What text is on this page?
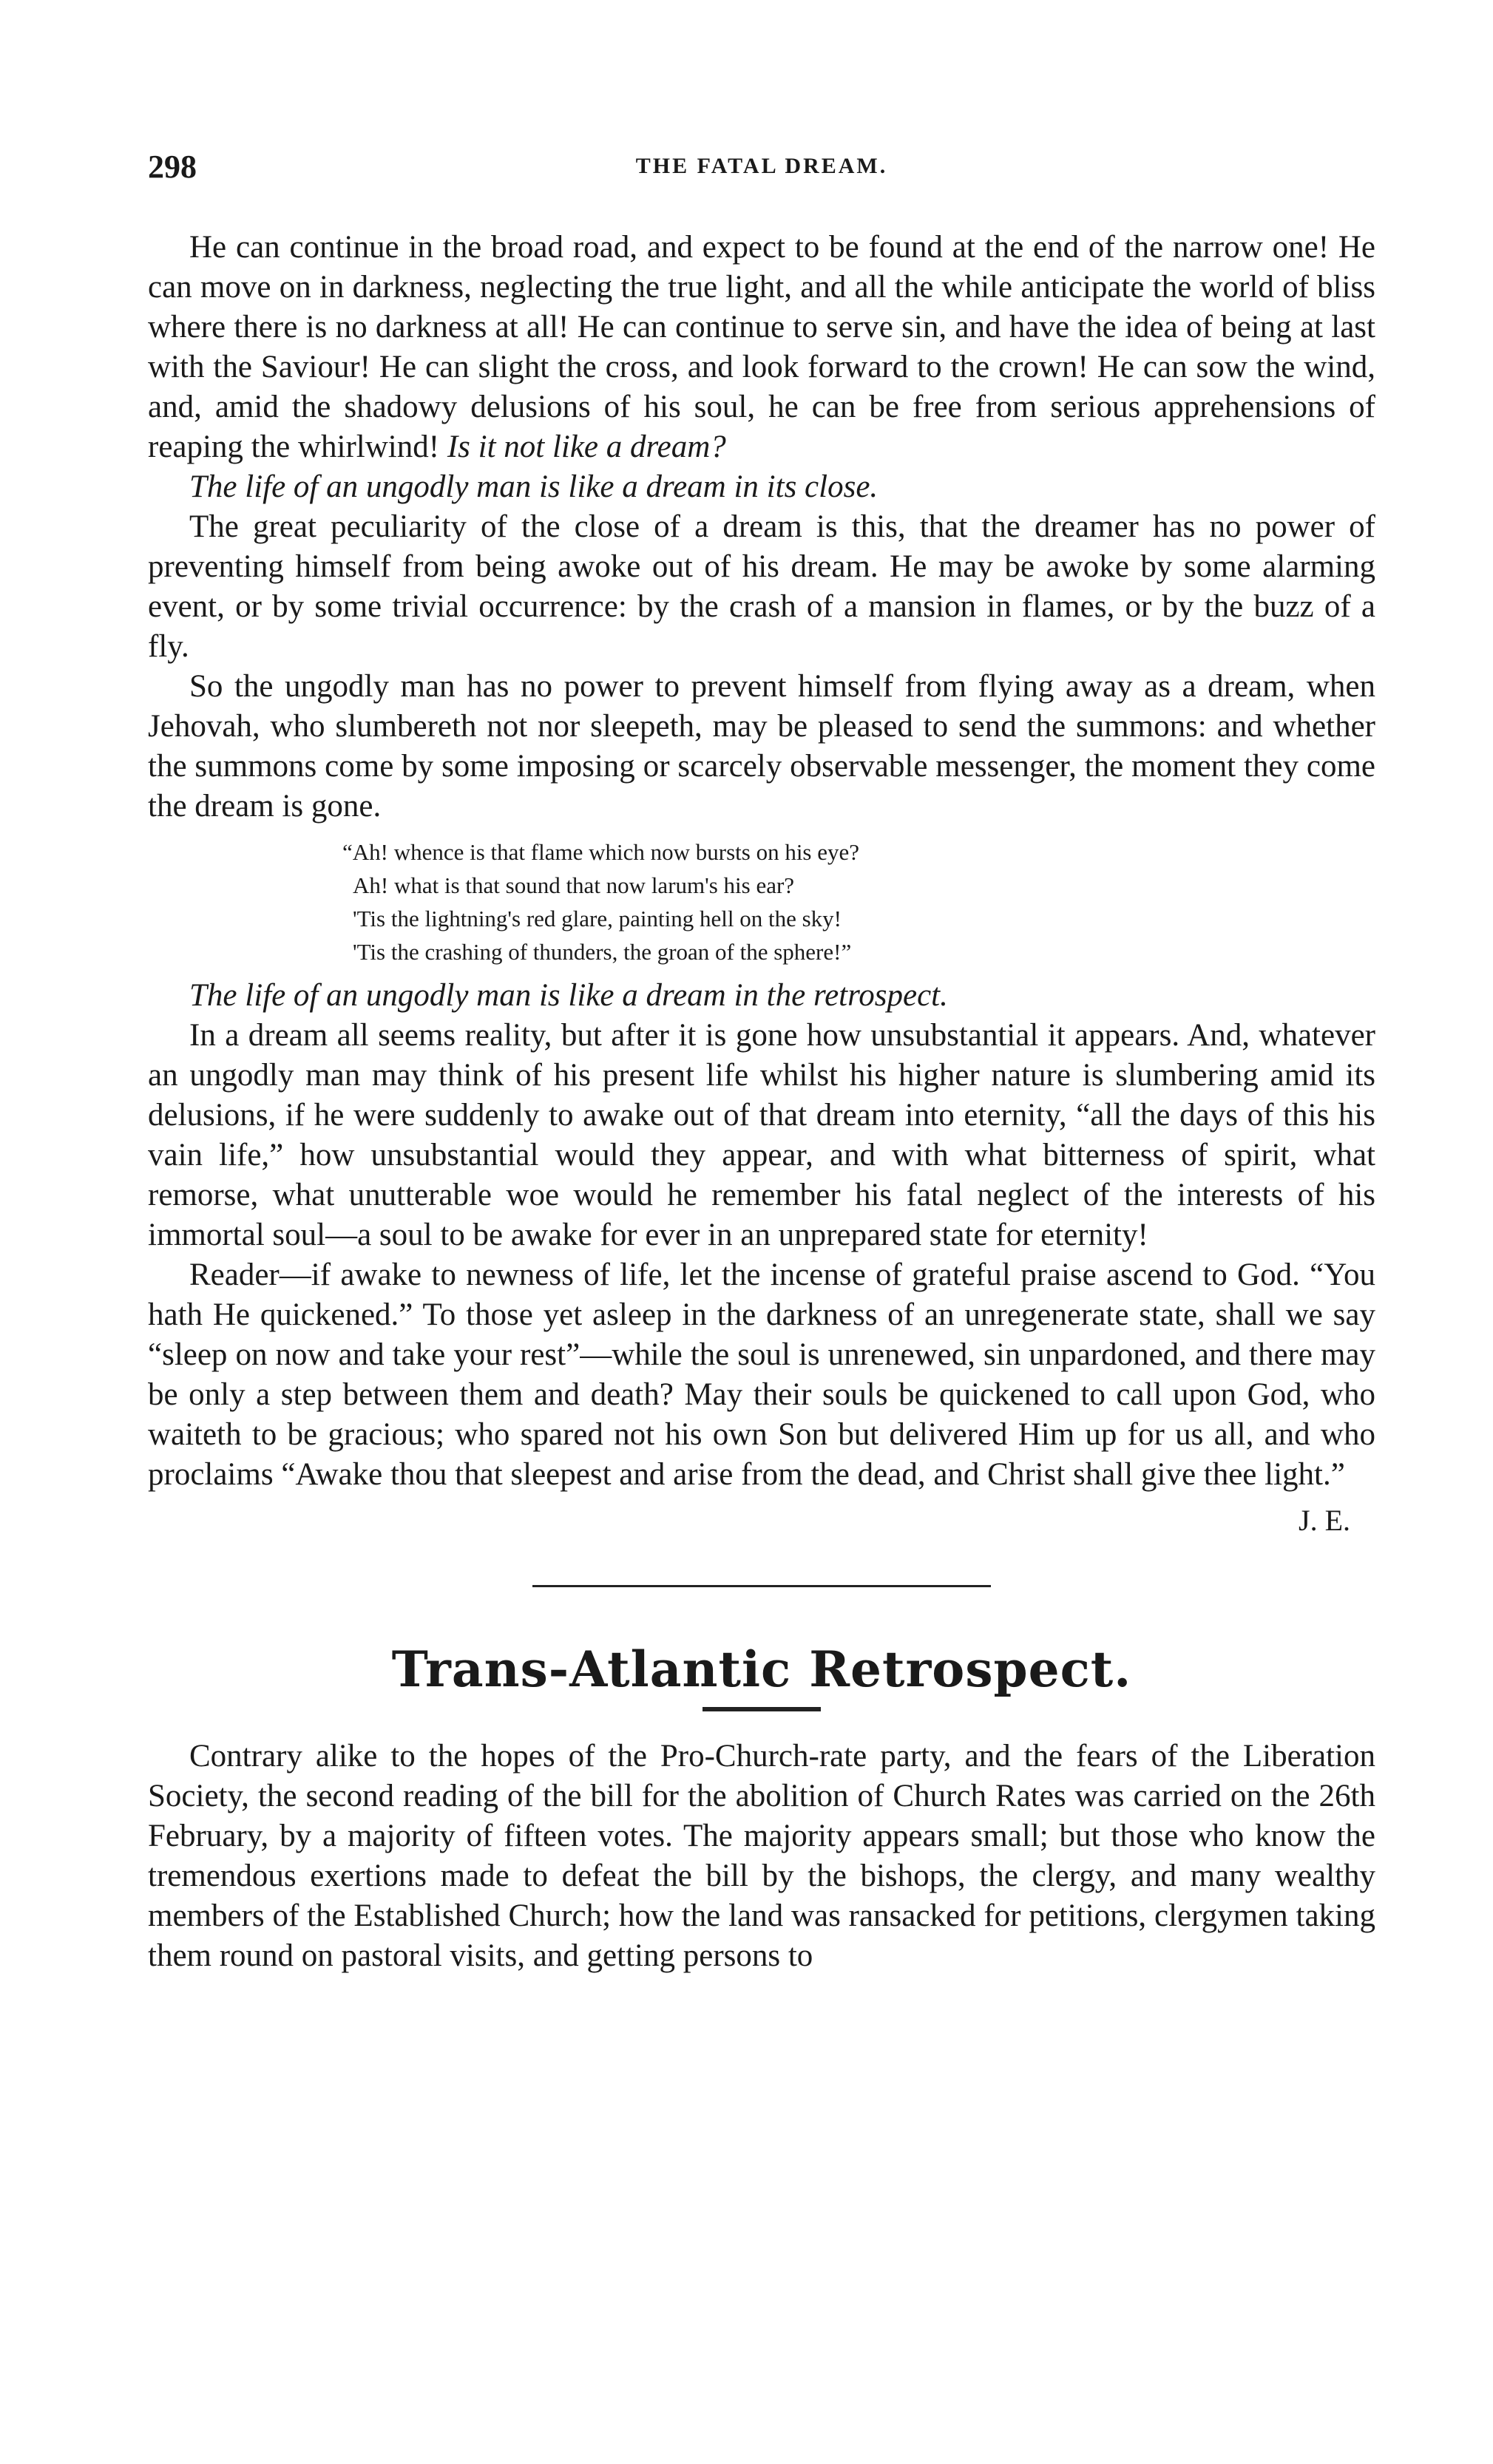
298	THE FATAL DREAM.

He can continue in the broad road, and expect to be found at the end of the narrow one! He can move on in darkness, neglecting the true light, and all the while anticipate the world of bliss where there is no darkness at all! He can continue to serve sin, and have the idea of being at last with the Saviour! He can slight the cross, and look forward to the crown! He can sow the wind, and, amid the shadowy delusions of his soul, he can be free from serious apprehensions of reaping the whirlwind! Is it not like a dream?

The life of an ungodly man is like a dream in its close.

The great peculiarity of the close of a dream is this, that the dreamer has no power of preventing himself from being awoke out of his dream. He may be awoke by some alarming event, or by some trivial occurrence: by the crash of a mansion in flames, or by the buzz of a fly.

So the ungodly man has no power to prevent himself from flying away as a dream, when Jehovah, who slumbereth not nor sleepeth, may be pleased to send the summons: and whether the summons come by some imposing or scarcely observable messenger, the moment they come the dream is gone.

“Ah! whence is that flame which now bursts on his eye?
Ah! what is that sound that now larum's his ear?
'Tis the lightning's red glare, painting hell on the sky!
'Tis the crashing of thunders, the groan of the sphere!”

The life of an ungodly man is like a dream in the retrospect.

In a dream all seems reality, but after it is gone how unsubstantial it appears. And, whatever an ungodly man may think of his present life whilst his higher nature is slumbering amid its delusions, if he were suddenly to awake out of that dream into eternity, “all the days of this his vain life,” how unsubstantial would they appear, and with what bitterness of spirit, what remorse, what unutterable woe would he remember his fatal neglect of the interests of his immortal soul—a soul to be awake for ever in an unprepared state for eternity!

Reader—if awake to newness of life, let the incense of grateful praise ascend to God. “You hath He quickened.” To those yet asleep in the darkness of an unregenerate state, shall we say “sleep on now and take your rest”—while the soul is unrenewed, sin unpardoned, and there may be only a step between them and death? May their souls be quickened to call upon God, who waiteth to be gracious; who spared not his own Son but delivered Him up for us all, and who proclaims “Awake thou that sleepest and arise from the dead, and Christ shall give thee light.”

J. E.
Trans-Atlantic Retrospect.

Contrary alike to the hopes of the Pro-Church-rate party, and the fears of the Liberation Society, the second reading of the bill for the abolition of Church Rates was carried on the 26th February, by a majority of fifteen votes. The majority appears small; but those who know the tremendous exertions made to defeat the bill by the bishops, the clergy, and many wealthy members of the Established Church; how the land was ransacked for petitions, clergymen taking them round on pastoral visits, and getting persons to
